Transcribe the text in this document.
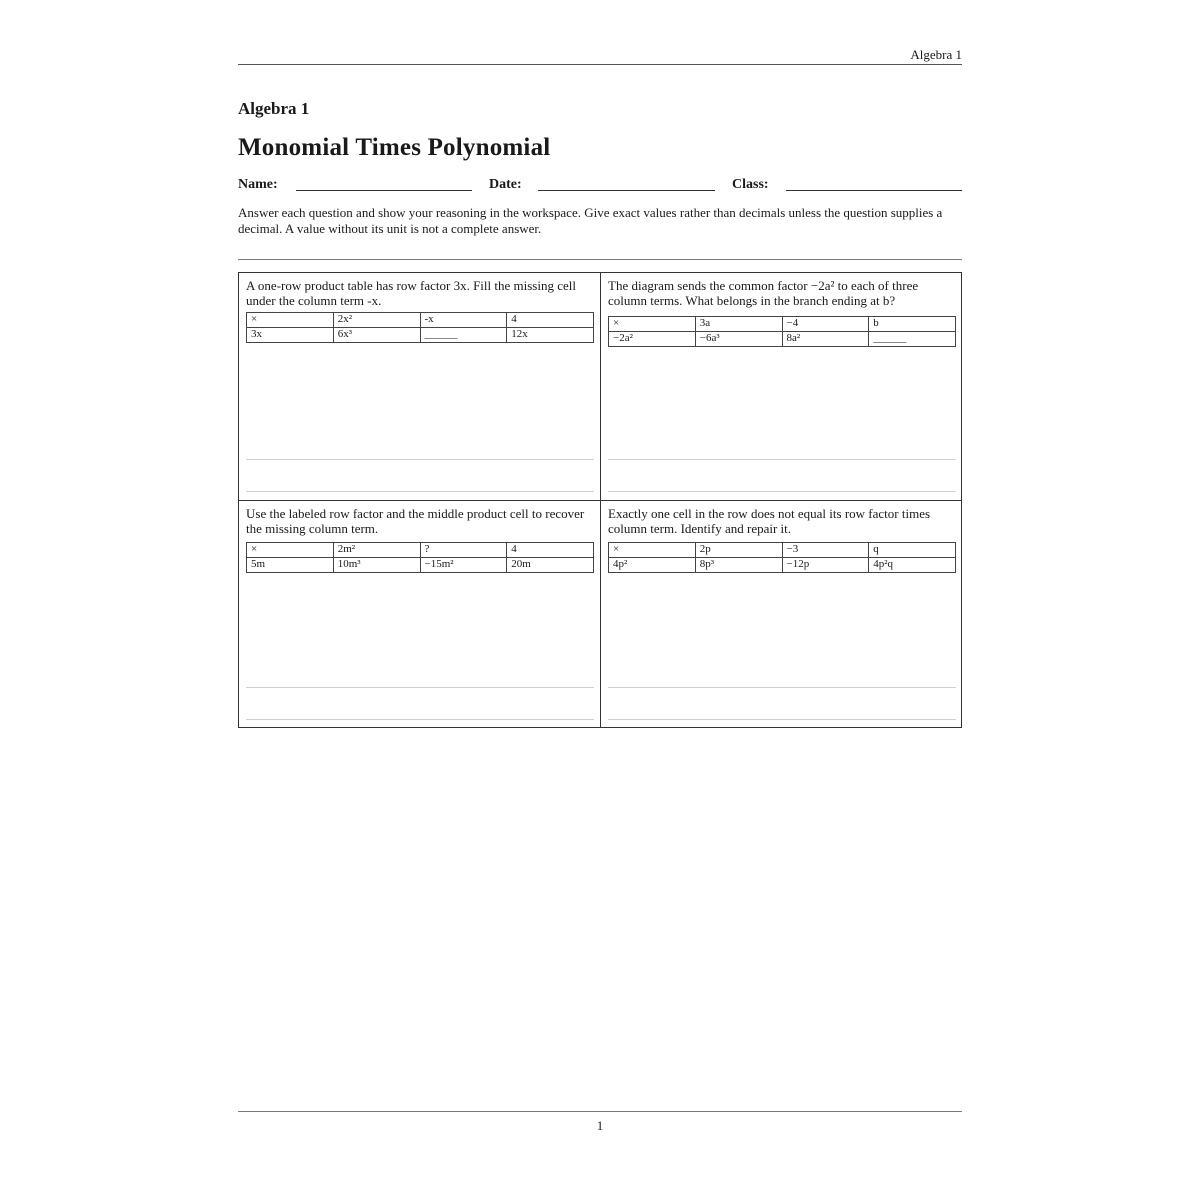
Algebra 1
Algebra 1
Monomial Times Polynomial
Name:	Date:	Class:
Answer each question and show your reasoning in the workspace. Give exact values rather than decimals unless the question supplies a decimal. A value without its unit is not a complete answer.

A one-row product table has row factor 3x. Fill the missing cell under the column term -x.

×	2x²	-x	4
3x	6x³	______	12x

The diagram sends the common factor −2a² to each of three column terms. What belongs in the branch ending at b?

×	3a	−4	b
−2a²	−6a³	8a²	______

Use the labeled row factor and the middle product cell to recover the missing column term.

×	2m²	?	4
5m	10m³	−15m²	20m

Exactly one cell in the row does not equal its row factor times column term. Identify and repair it.

×	2p	−3	q
4p²	8p³	−12p	4p²q
1
